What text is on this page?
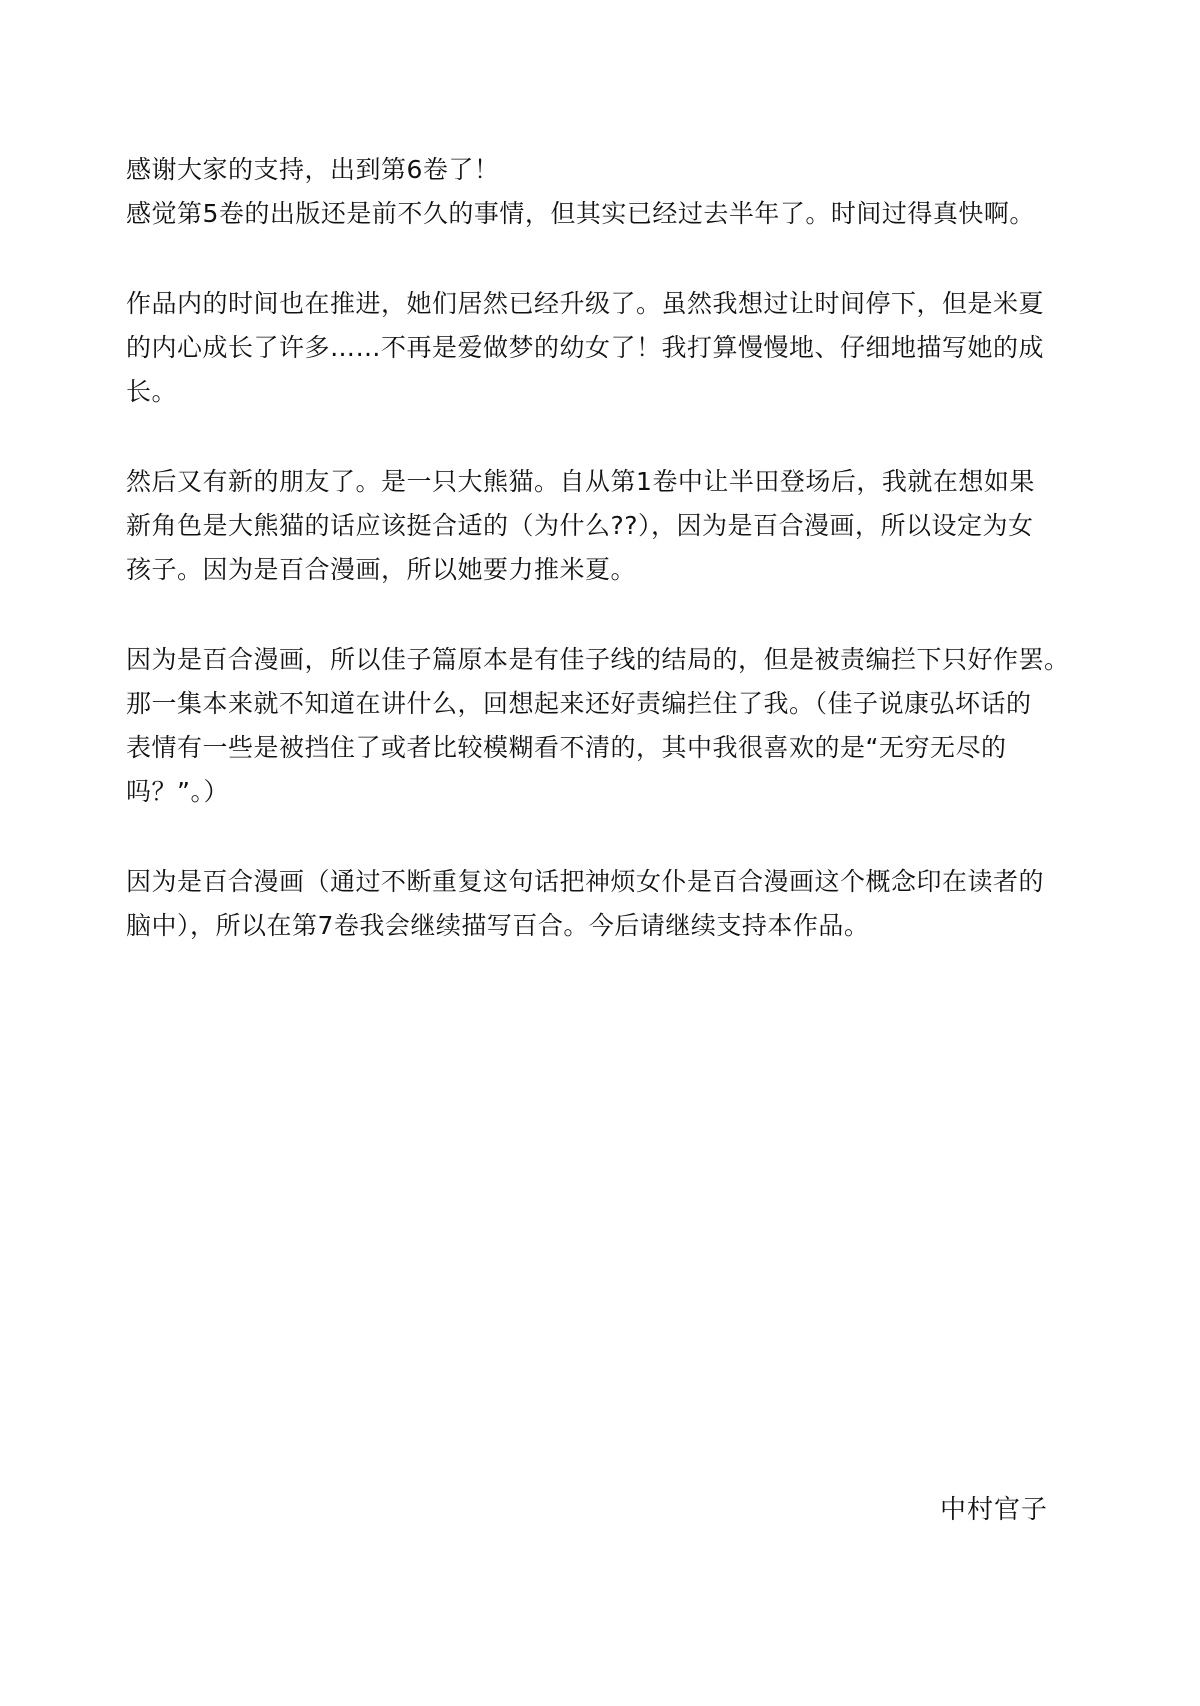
感谢大家的支持，出到第6卷了！
感觉第5卷的出版还是前不久的事情，但其实已经过去半年了。时间过得真快啊。
作品内的时间也在推进，她们居然已经升级了。虽然我想过让时间停下，但是米夏
的内心成长了许多……不再是爱做梦的幼女了！我打算慢慢地、仔细地描写她的成
长。
然后又有新的朋友了。是一只大熊猫。自从第1卷中让半田登场后，我就在想如果
新角色是大熊猫的话应该挺合适的（为什么??），因为是百合漫画，所以设定为女
孩子。因为是百合漫画，所以她要力推米夏。
因为是百合漫画，所以佳子篇原本是有佳子线的结局的，但是被责编拦下只好作罢。
那一集本来就不知道在讲什么，回想起来还好责编拦住了我。（佳子说康弘坏话的
表情有一些是被挡住了或者比较模糊看不清的，其中我很喜欢的是“无穷无尽的
吗？”。）
因为是百合漫画（通过不断重复这句话把神烦女仆是百合漫画这个概念印在读者的
脑中），所以在第7卷我会继续描写百合。今后请继续支持本作品。
中村官子
